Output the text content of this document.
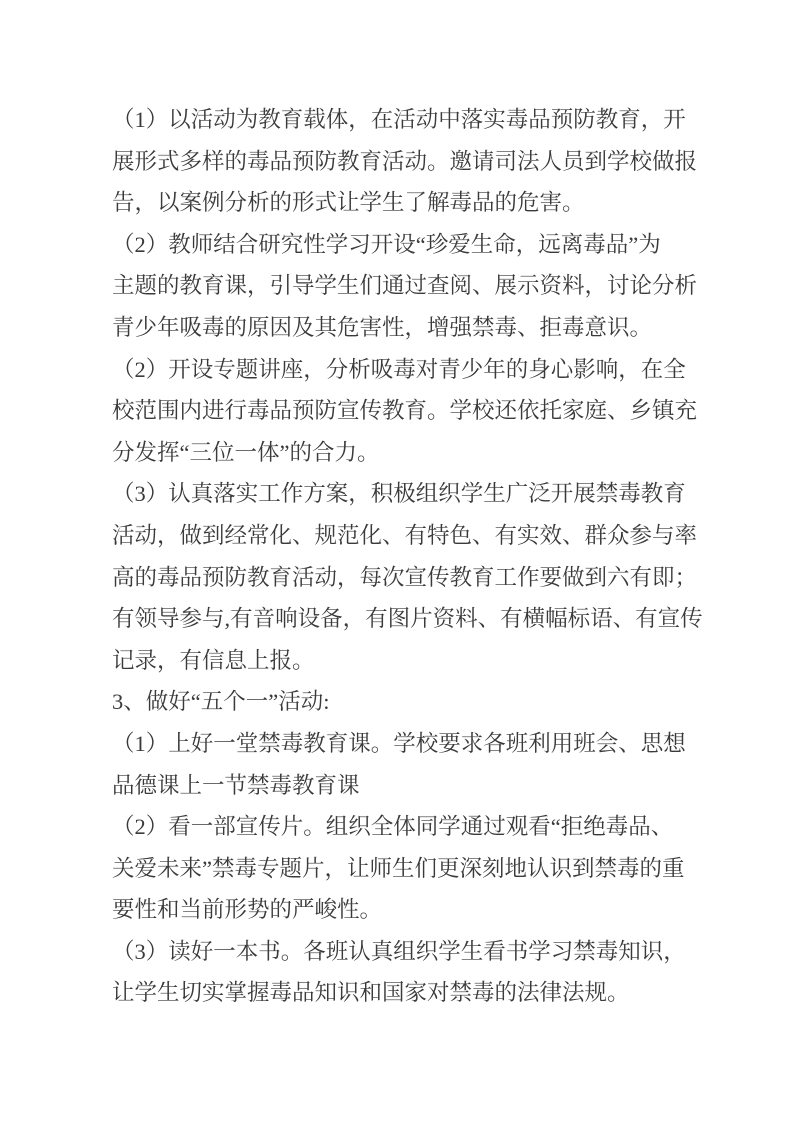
（1）以活动为教育载体，在活动中落实毒品预防教育，开
展形式多样的毒品预防教育活动。邀请司法人员到学校做报
告，以案例分析的形式让学生了解毒品的危害。
（2）教师结合研究性学习开设“珍爱生命，远离毒品”为
主题的教育课，引导学生们通过查阅、展示资料，讨论分析
青少年吸毒的原因及其危害性，增强禁毒、拒毒意识。
（2）开设专题讲座，分析吸毒对青少年的身心影响，在全
校范围内进行毒品预防宣传教育。学校还依托家庭、乡镇充
分发挥“三位一体”的合力。
（3）认真落实工作方案，积极组织学生广泛开展禁毒教育
活动，做到经常化、规范化、有特色、有实效、群众参与率
高的毒品预防教育活动，每次宣传教育工作要做到六有即；
有领导参与,有音响设备，有图片资料、有横幅标语、有宣传
记录，有信息上报。
3、做好“五个一”活动:
（1）上好一堂禁毒教育课。学校要求各班利用班会、思想
品德课上一节禁毒教育课
（2）看一部宣传片。组织全体同学通过观看“拒绝毒品、
关爱未来”禁毒专题片，让师生们更深刻地认识到禁毒的重
要性和当前形势的严峻性。
（3）读好一本书。各班认真组织学生看书学习禁毒知识，
让学生切实掌握毒品知识和国家对禁毒的法律法规。
